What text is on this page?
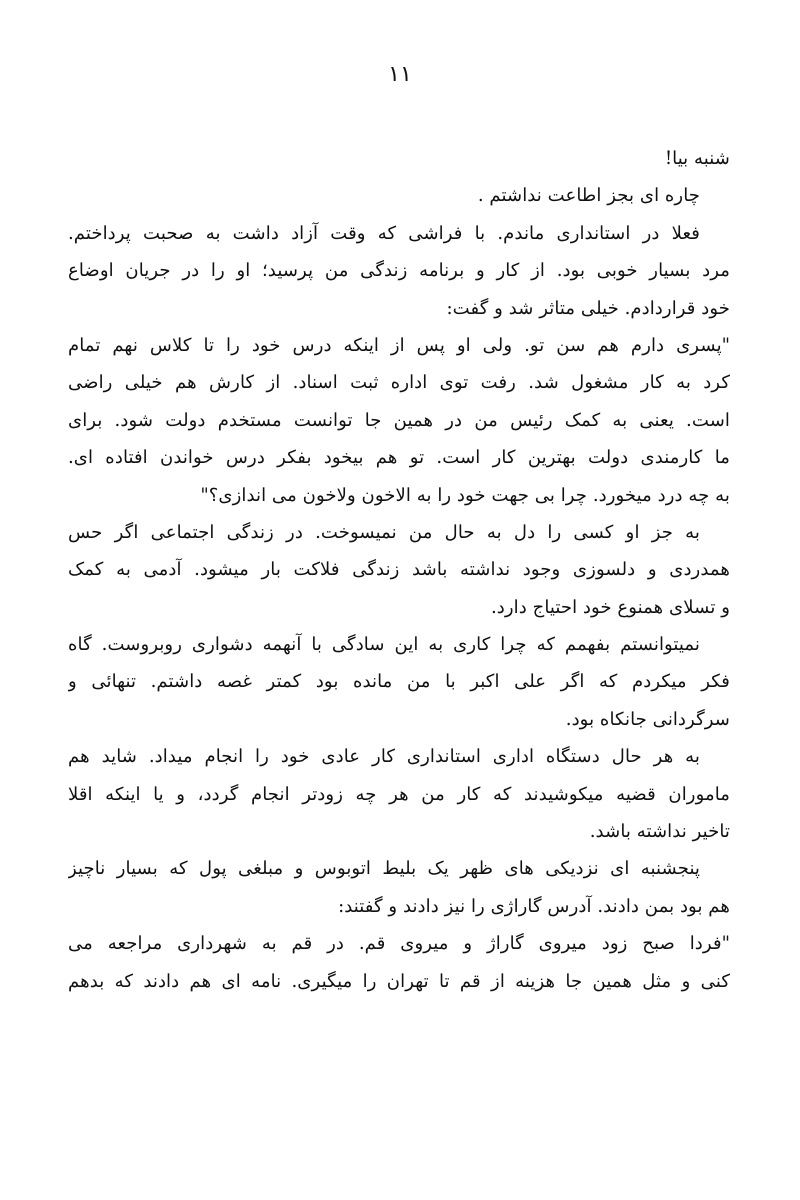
۱۱
شنبه بیا!
چاره ای بجز اطاعت نداشتم .
فعلا در استانداری ماندم. با فراشی که وقت آزاد داشت به صحبت پرداختم.
مرد بسیار خوبی بود. از کار و برنامه زندگی من پرسید؛ او را در جریان اوضاع
خود قراردادم. خیلی متاثر شد و گفت:
"پسری دارم هم سن تو. ولی او پس از اینکه درس خود را تا کلاس نهم تمام
کرد به کار مشغول شد. رفت توی اداره ثبت اسناد. از کارش هم خیلی راضی
است. یعنی به کمک رئیس من در همین جا توانست مستخدم دولت شود. برای
ما کارمندی دولت بهترین کار است. تو هم بیخود بفکر درس خواندن افتاده ای.
به چه درد میخورد. چرا بی جهت خود را به الاخون ولاخون می اندازی؟"
به جز او کسی را دل به حال من نمیسوخت. در زندگی اجتماعی اگر حس
همدردی و دلسوزی وجود نداشته باشد زندگی فلاکت بار میشود. آدمی به کمک
و تسلای همنوع خود احتیاج دارد.
نمیتوانستم بفهمم که چرا کاری به این سادگی با آنهمه دشواری روبروست. گاه
فکر میکردم که اگر علی اکبر با من مانده بود کمتر غصه داشتم. تنهائی و
سرگردانی جانکاه بود.
به هر حال دستگاه اداری استانداری کار عادی خود را انجام میداد. شاید هم
ماموران قضیه میکوشیدند که کار من هر چه زودتر انجام گردد، و یا اینکه اقلا
تاخیر نداشته باشد.
پنجشنبه ای نزدیکی های ظهر یک بلیط اتوبوس و مبلغی پول که بسیار ناچیز
هم بود بمن دادند. آدرس گاراژی را نیز دادند و گفتند:
"فردا صبح زود میروی گاراژ و میروی قم. در قم به شهرداری مراجعه می
کنی و مثل همین جا هزینه از قم تا تهران را میگیری. نامه ای هم دادند که بدهم
